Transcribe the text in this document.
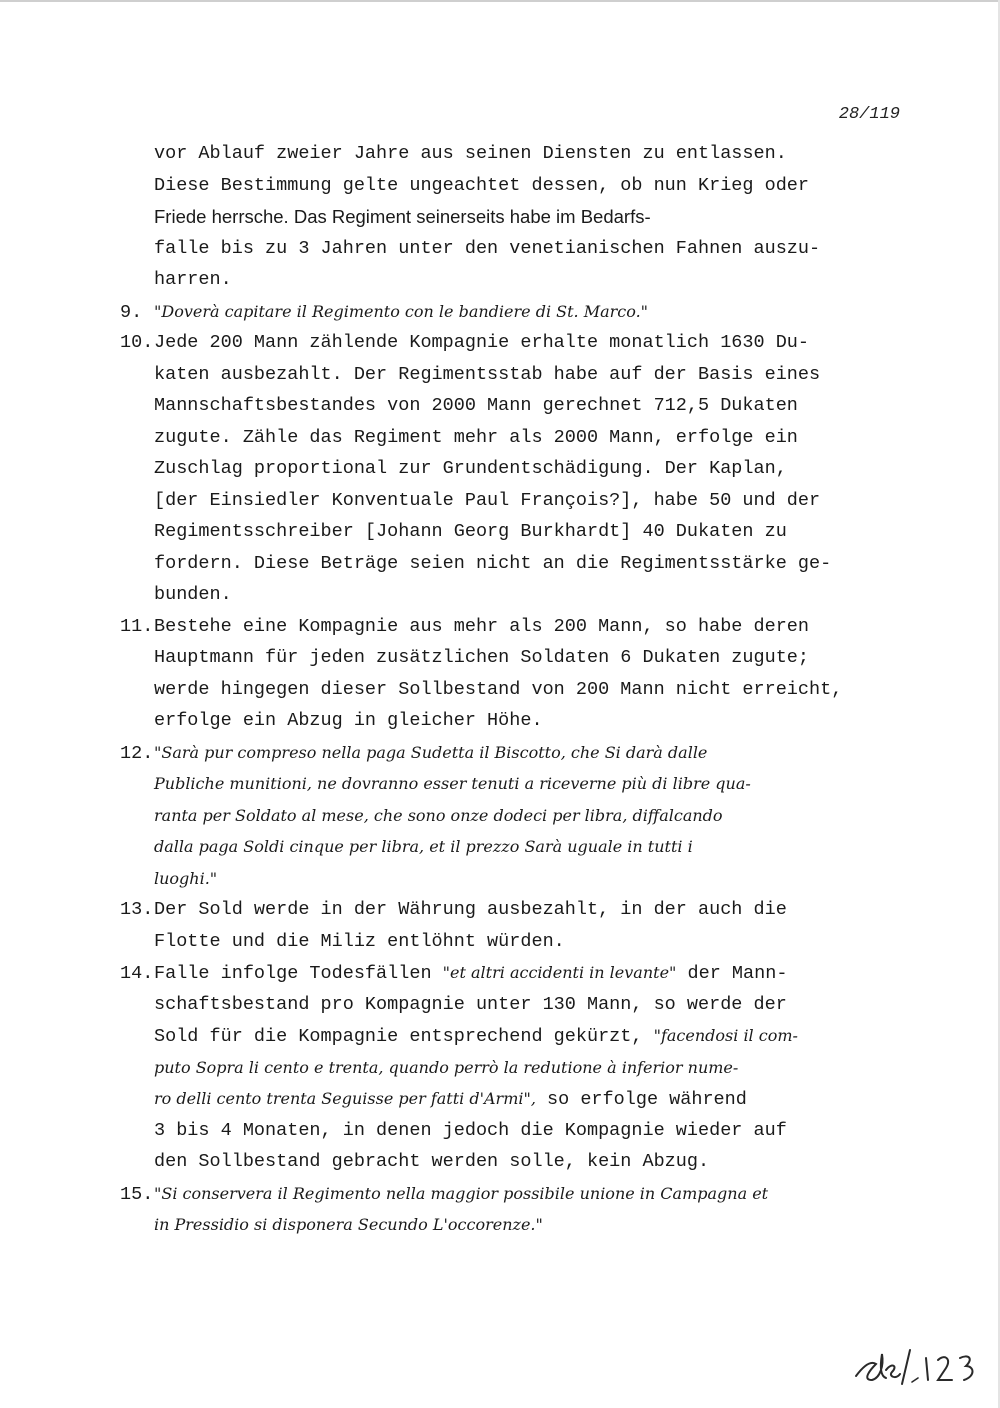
28/119
vor Ablauf zweier Jahre aus seinen Diensten zu entlassen.
Diese Bestimmung gelte ungeachtet dessen, ob nun Krieg oder
Friede herrsche. Das Regiment seinerseits habe im Bedarfs-
falle bis zu 3 Jahren unter den venetianischen Fahnen auszu-
harren.
9. "Doverà capitare il Regimento con le bandiere di St. Marco."
10.Jede 200 Mann zählende Kompagnie erhalte monatlich 1630 Du-
katen ausbezahlt. Der Regimentsstab habe auf der Basis eines
Mannschaftsbestandes von 2000 Mann gerechnet 712,5 Dukaten
zugute. Zähle das Regiment mehr als 2000 Mann, erfolge ein
Zuschlag proportional zur Grundentschädigung. Der Kaplan,
[der Einsiedler Konventuale Paul François?], habe 50 und der
Regimentsschreiber [Johann Georg Burkhardt] 40 Dukaten zu
fordern. Diese Beträge seien nicht an die Regimentsstärke ge-
bunden.
11.Bestehe eine Kompagnie aus mehr als 200 Mann, so habe deren
Hauptmann für jeden zusätzlichen Soldaten 6 Dukaten zugute;
werde hingegen dieser Sollbestand von 200 Mann nicht erreicht,
erfolge ein Abzug in gleicher Höhe.
12."Sarà pur compreso nella paga Sudetta il Biscotto, che Si darà dalle
Publiche munitioni, ne dovranno esser tenuti a riceverne più di libre qua-
ranta per Soldato al mese, che sono onze dodeci per libra, diffalcando
dalla paga Soldi cinque per libra, et il prezzo Sarà uguale in tutti i
luoghi."
13.Der Sold werde in der Währung ausbezahlt, in der auch die
Flotte und die Miliz entlöhnt würden.
14.Falle infolge Todesfällen "et altri accidenti in levante" der Mann-
schaftsbestand pro Kompagnie unter 130 Mann, so werde der
Sold für die Kompagnie entsprechend gekürzt, "facendosi il com-
puto Sopra li cento e trenta, quando perrò la redutione à inferior nume-
ro delli cento trenta Seguisse per fatti d'Armi", so erfolge während
3 bis 4 Monaten, in denen jedoch die Kompagnie wieder auf
den Sollbestand gebracht werden solle, kein Abzug.
15."Si conservera il Regimento nella maggior possibile unione in Campagna et
in Pressidio si disponera Secundo L'occorenze."
